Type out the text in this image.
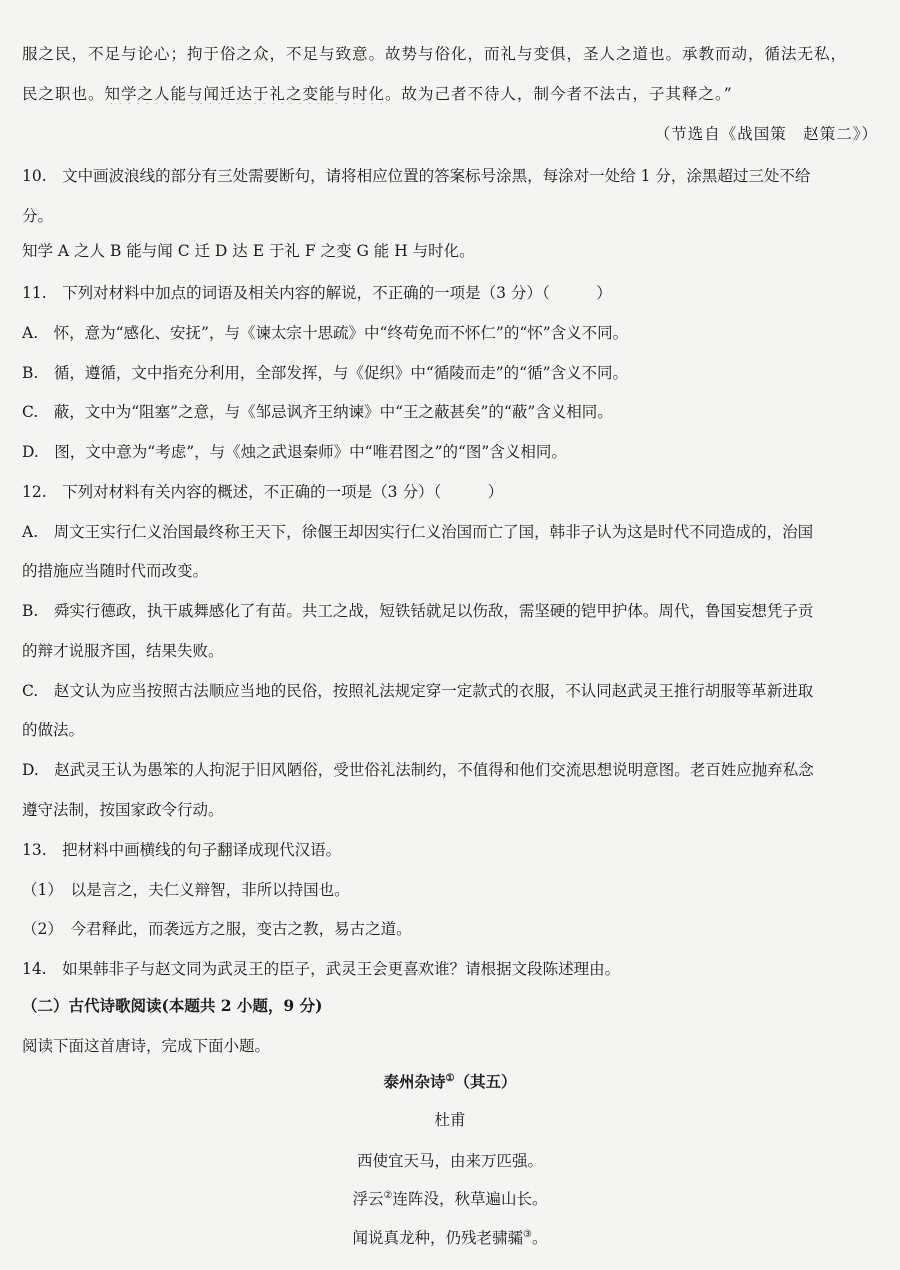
服之民，不足与论心；拘于俗之众，不足与致意。故势与俗化，而礼与变俱，圣人之道也。承教而动，循法无私，
民之职也。知学之人能与闻迁达于礼之变能与时化。故为己者不待人，制今者不法古，子其释之。”
（节选自《战国策　赵策二》）
10.　文中画波浪线的部分有三处需要断句，请将相应位置的答案标号涂黑，每涂对一处给 1 分，涂黑超过三处不给
分。
知学 A 之人 B 能与闻 C 迁 D 达 E 于礼 F 之变 G 能 H 与时化。
11.　下列对材料中加点的词语及相关内容的解说，不正确的一项是（3 分）（　　　）
A.　怀，意为“感化、安抚”，与《谏太宗十思疏》中“终苟免而不怀仁”的“怀”含义不同。
B.　循，遵循，文中指充分利用，全部发挥，与《促织》中“循陵而走”的“循”含义不同。
C.　蔽，文中为“阻塞”之意，与《邹忌讽齐王纳谏》中“王之蔽甚矣”的“蔽”含义相同。
D.　图，文中意为“考虑”，与《烛之武退秦师》中“唯君图之”的“图”含义相同。
12.　下列对材料有关内容的概述，不正确的一项是（3 分）（　　　）
A.　周文王实行仁义治国最终称王天下，徐偃王却因实行仁义治国而亡了国，韩非子认为这是时代不同造成的，治国
的措施应当随时代而改变。
B.　舜实行德政，执干戚舞感化了有苗。共工之战，短铁铦就足以伤敌，需坚硬的铠甲护体。周代，鲁国妄想凭子贡
的辩才说服齐国，结果失败。
C.　赵文认为应当按照古法顺应当地的民俗，按照礼法规定穿一定款式的衣服，不认同赵武灵王推行胡服等革新进取
的做法。
D.　赵武灵王认为愚笨的人拘泥于旧风陋俗，受世俗礼法制约，不值得和他们交流思想说明意图。老百姓应抛弃私念
遵守法制，按国家政令行动。
13.　把材料中画横线的句子翻译成现代汉语。
（1）　以是言之，夫仁义辩智，非所以持国也。
（2）　今君释此，而袭远方之服，变古之教，易古之道。
14.　如果韩非子与赵文同为武灵王的臣子，武灵王会更喜欢谁？请根据文段陈述理由。
（二）古代诗歌阅读(本题共 2 小题，9 分)
阅读下面这首唐诗，完成下面小题。
泰州杂诗①（其五）
杜甫
西使宜天马，由来万匹强。
浮云②连阵没，秋草遍山长。
闻说真龙种，仍残老骕骦③。
